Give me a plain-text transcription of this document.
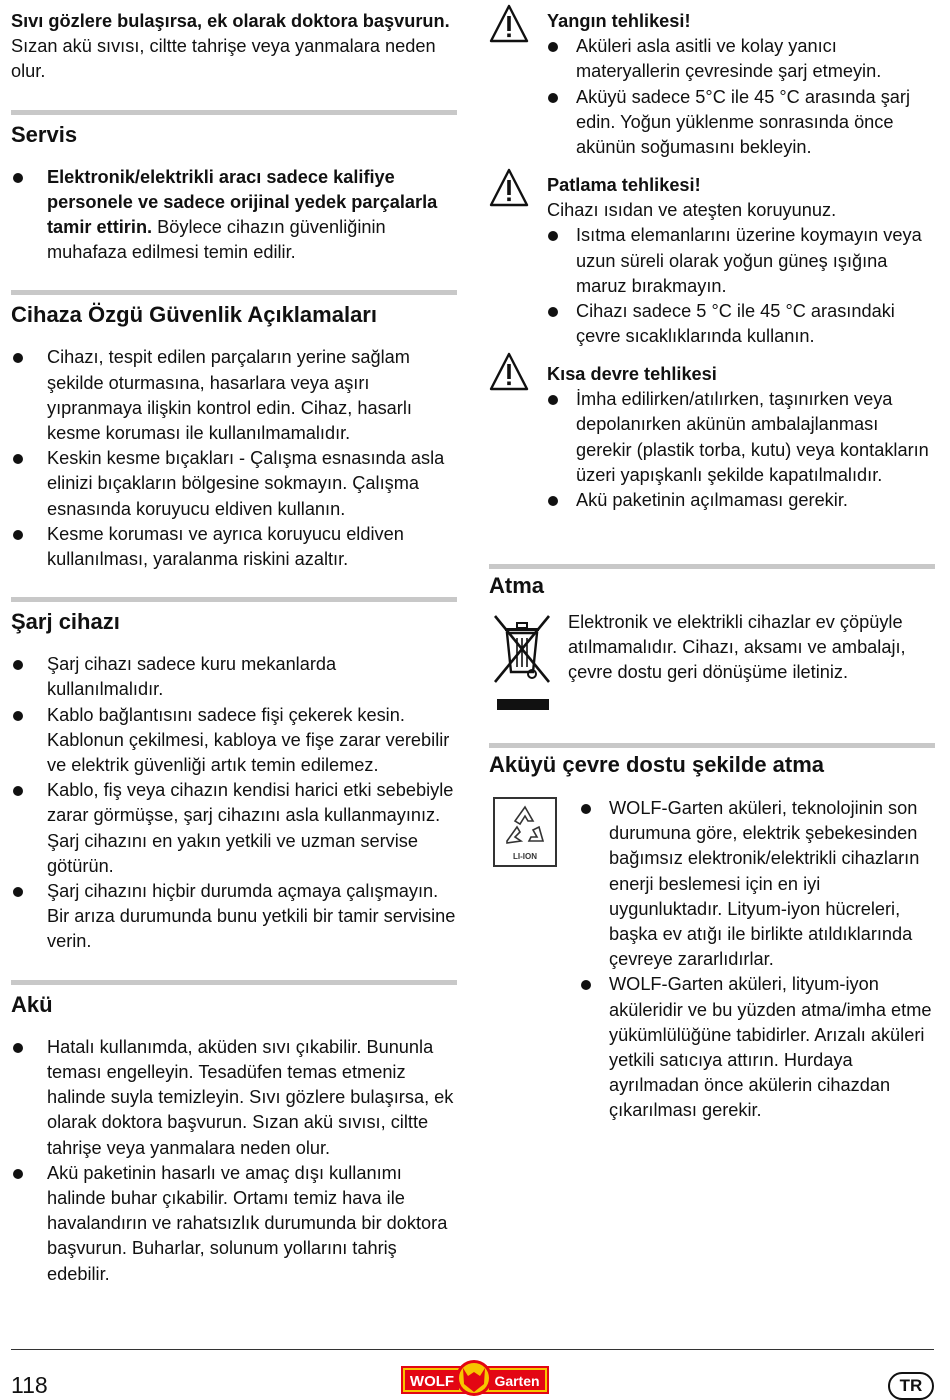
Sıvı gözlere bulaşırsa, ek olarak doktora başvurun. Sızan akü sıvısı, ciltte tahrişe veya yanmalara neden olur.

Servis
Elektronik/elektrikli aracı sadece kalifiye personele ve sadece orijinal yedek parçalarla tamir ettirin. Böylece cihazın güvenliğinin muhafaza edilmesi temin edilir.
Cihaza Özgü Güvenlik Açıklamaları
Cihazı, tespit edilen parçaların yerine sağlam şekilde oturmasına, hasarlara veya aşırı yıpranmaya ilişkin kontrol edin. Cihaz, hasarlı kesme koruması ile kullanılmamalıdır.
Keskin kesme bıçakları - Çalışma esnasında asla elinizi bıçakların bölgesine sokmayın. Çalışma esnasında koruyucu eldiven kullanın.
Kesme koruması ve ayrıca koruyucu eldiven kullanılması, yaralanma riskini azaltır.
Şarj cihazı
Şarj cihazı sadece kuru mekanlarda kullanılmalıdır.
Kablo bağlantısını sadece fişi çekerek kesin. Kablonun çekilmesi, kabloya ve fişe zarar verebilir ve elektrik güvenliği artık temin edilemez.
Kablo, fiş veya cihazın kendisi harici etki sebebiyle zarar görmüşse, şarj cihazını asla kullanmayınız. Şarj cihazını en yakın yetkili ve uzman servise götürün.
Şarj cihazını hiçbir durumda açmaya çalışmayın. Bir arıza durumunda bunu yetkili bir tamir servisine verin.
Akü
Hatalı kullanımda, aküden sıvı çıkabilir. Bununla teması engelleyin. Tesadüfen temas etmeniz halinde suyla temizleyin. Sıvı gözlere bulaşırsa, ek olarak doktora başvurun. Sızan akü sıvısı, ciltte tahrişe veya yanmalara neden olur.
Akü paketinin hasarlı ve amaç dışı kullanımı halinde buhar çıkabilir. Ortamı temiz hava ile havalandırın ve rahatsızlık durumunda bir doktora başvurun. Buharlar, solunum yollarını tahriş edebilir.

Yangın tehlikesi!

Aküleri asla asitli ve kolay yanıcı materyallerin çevresinde şarj etmeyin.
Aküyü sadece 5°C ile 45 °C arasında şarj edin. Yoğun yüklenme sonrasında önce akünün soğumasını bekleyin.

Patlama tehlikesi!

Cihazı ısıdan ve ateşten koruyunuz.

Isıtma elemanlarını üzerine koymayın veya uzun süreli olarak yoğun güneş ışığına maruz bırakmayın.
Cihazı sadece 5 °C ile 45 °C arasındaki çevre sıcaklıklarında kullanın.

Kısa devre tehlikesi

İmha edilirken/atılırken, taşınırken veya depolanırken akünün ambalajlanması gerekir (plastik torba, kutu) veya kontakların üzeri yapışkanlı şekilde kapatılmalıdır.
Akü paketinin açılmaması gerekir.
Atma

Elektronik ve elektrikli cihazlar ev çöpüyle atılmamalıdır. Cihazı, aksamı ve ambalajı, çevre dostu geri dönüşüme iletiniz.

Aküyü çevre dostu şekilde atma
LI-ION
WOLF-Garten aküleri, teknolojinin son durumuna göre, elektrik şebekesinden bağımsız elektronik/elektrikli cihazların enerji beslemesi için en iyi uygunluktadır. Lityum-iyon hücreleri, başka ev atığı ile birlikte atıldıklarında çevreye zararlıdırlar.
WOLF-Garten aküleri, lityum-iyon aküleridir ve bu yüzden atma/imha etme yükümlülüğüne tabidirler. Arızalı aküleri yetkili satıcıya attırın. Hurdaya ayrılmadan önce akülerin cihazdan çıkarılması gerekir.
118	WOLF	Garten	TR
